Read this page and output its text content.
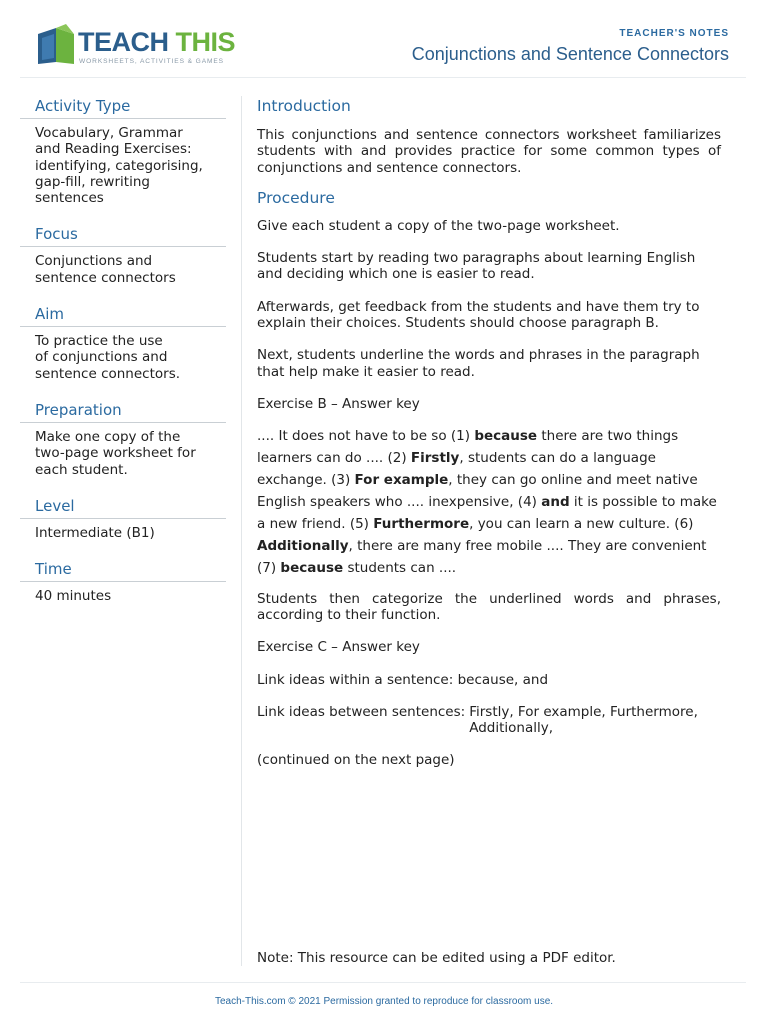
TEACH THIS
WORKSHEETS, ACTIVITIES & GAMES
TEACHER'S NOTES
Conjunctions and Sentence Connectors
Activity Type
Vocabulary, Grammar
and Reading Exercises:
identifying, categorising,
gap-fill, rewriting
sentences
Focus
Conjunctions and
sentence connectors
Aim
To practice the use
of conjunctions and
sentence connectors.
Preparation
Make one copy of the
two-page worksheet for
each student.
Level
Intermediate (B1)
Time
40 minutes
Introduction

This conjunctions and sentence connectors worksheet familiarizes students with and provides practice for some common types of conjunctions and sentence connectors.

Procedure

Give each student a copy of the two-page worksheet.

Students start by reading two paragraphs about learning English and deciding which one is easier to read.

Afterwards, get feedback from the students and have them try to explain their choices. Students should choose paragraph B.

Next, students underline the words and phrases in the paragraph that help make it easier to read.

Exercise B – Answer key

.... It does not have to be so (1) because there are two things learners can do .... (2) Firstly, students can do a language exchange. (3) For example, they can go online and meet native English speakers who .... inexpensive, (4) and it is possible to make a new friend. (5) Furthermore, you can learn a new culture. (6) Additionally, there are many free mobile .... They are convenient (7) because students can ....

Students then categorize the underlined words and phrases, according to their function.

Exercise C – Answer key

Link ideas within a sentence: because, and

Link ideas between sentences: Firstly, For example, Furthermore, Additionally,

(continued on the next page)

Note: This resource can be edited using a PDF editor.
Teach-This.com © 2021 Permission granted to reproduce for classroom use.
